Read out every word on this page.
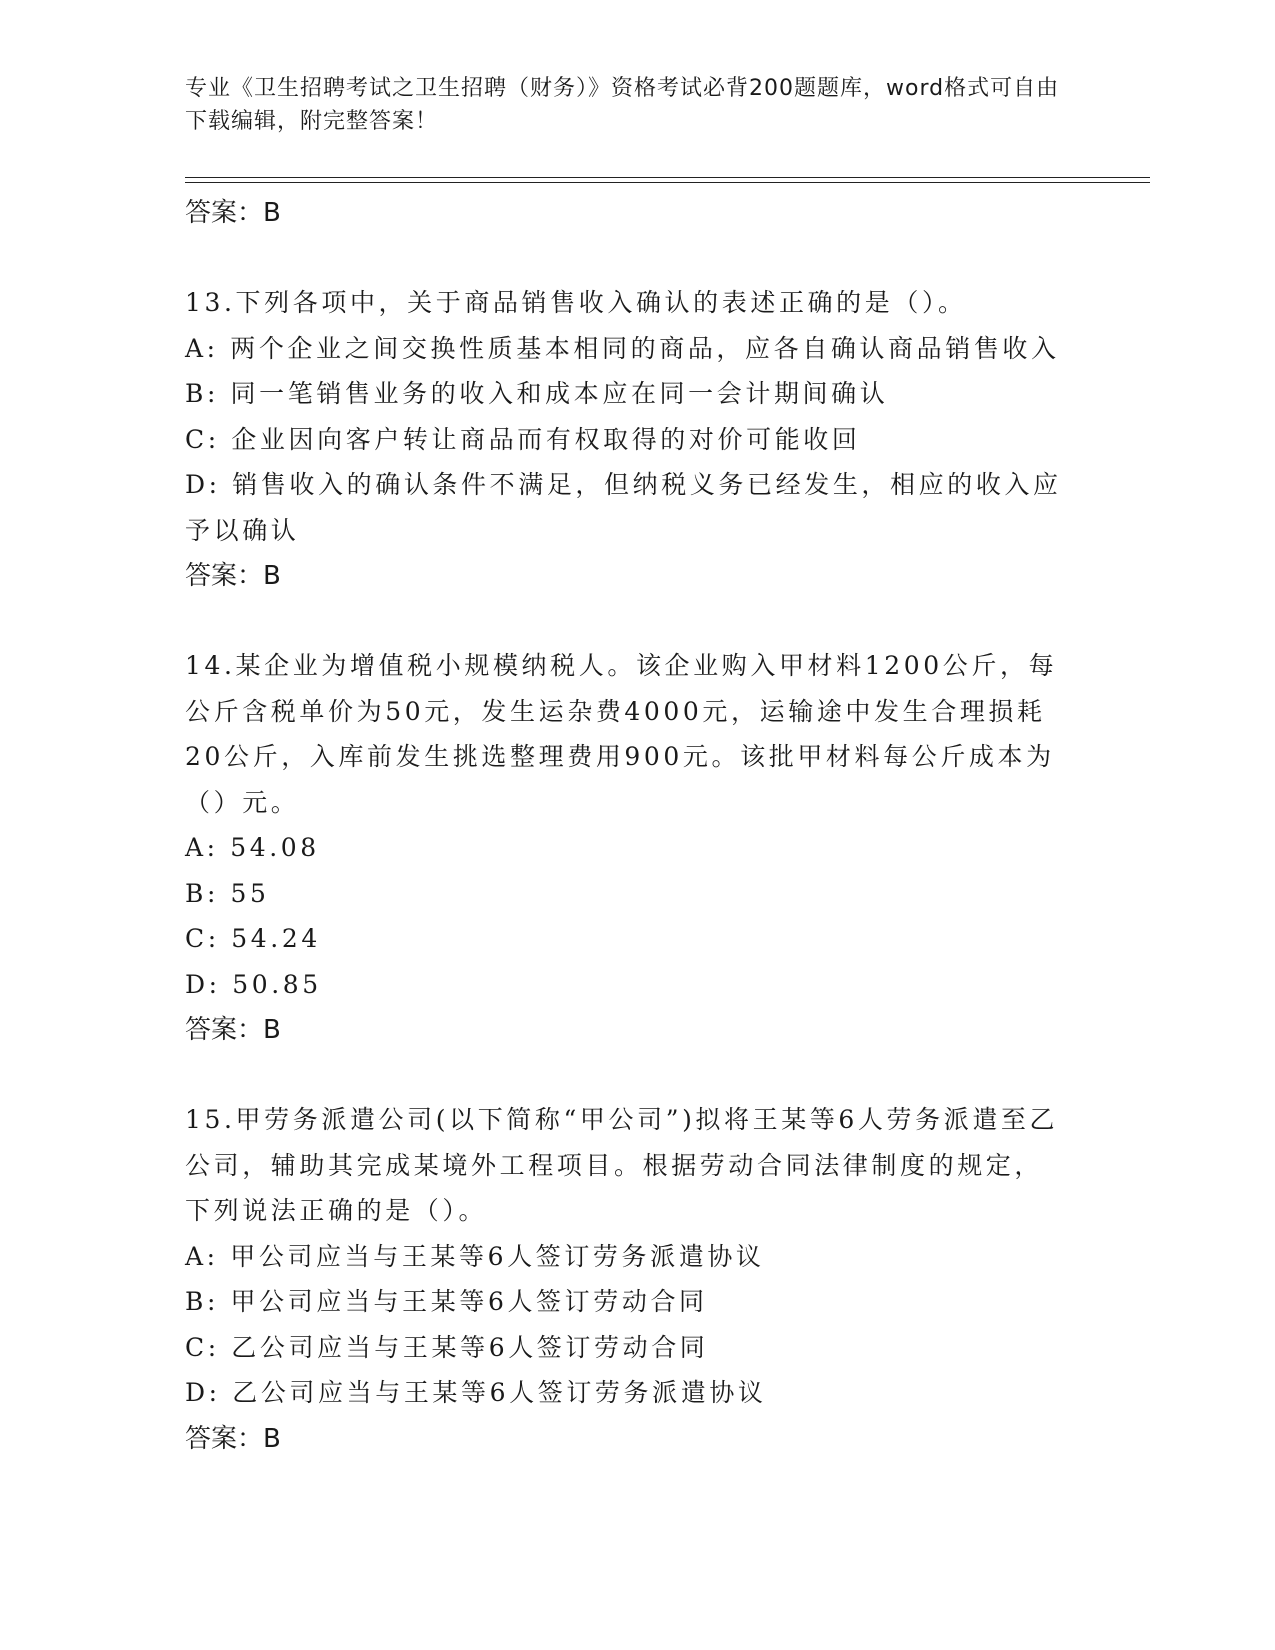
专业《卫生招聘考试之卫生招聘（财务）》资格考试必背200题题库，word格式可自由下载编辑，附完整答案！

答案：B

13.下列各项中，关于商品销售收入确认的表述正确的是（）。

A: 两个企业之间交换性质基本相同的商品，应各自确认商品销售收入

B: 同一笔销售业务的收入和成本应在同一会计期间确认

C: 企业因向客户转让商品而有权取得的对价可能收回

D: 销售收入的确认条件不满足，但纳税义务已经发生，相应的收入应予以确认

答案：B

14.某企业为增值税小规模纳税人。该企业购入甲材料1200公斤，每公斤含税单价为50元，发生运杂费4000元，运输途中发生合理损耗20公斤，入库前发生挑选整理费用900元。该批甲材料每公斤成本为（）元。

A: 54.08

B: 55

C: 54.24

D: 50.85

答案：B

15.甲劳务派遣公司(以下简称“甲公司”)拟将王某等6人劳务派遣至乙公司，辅助其完成某境外工程项目。根据劳动合同法律制度的规定，下列说法正确的是（）。

A: 甲公司应当与王某等6人签订劳务派遣协议

B: 甲公司应当与王某等6人签订劳动合同

C: 乙公司应当与王某等6人签订劳动合同

D: 乙公司应当与王某等6人签订劳务派遣协议

答案：B
